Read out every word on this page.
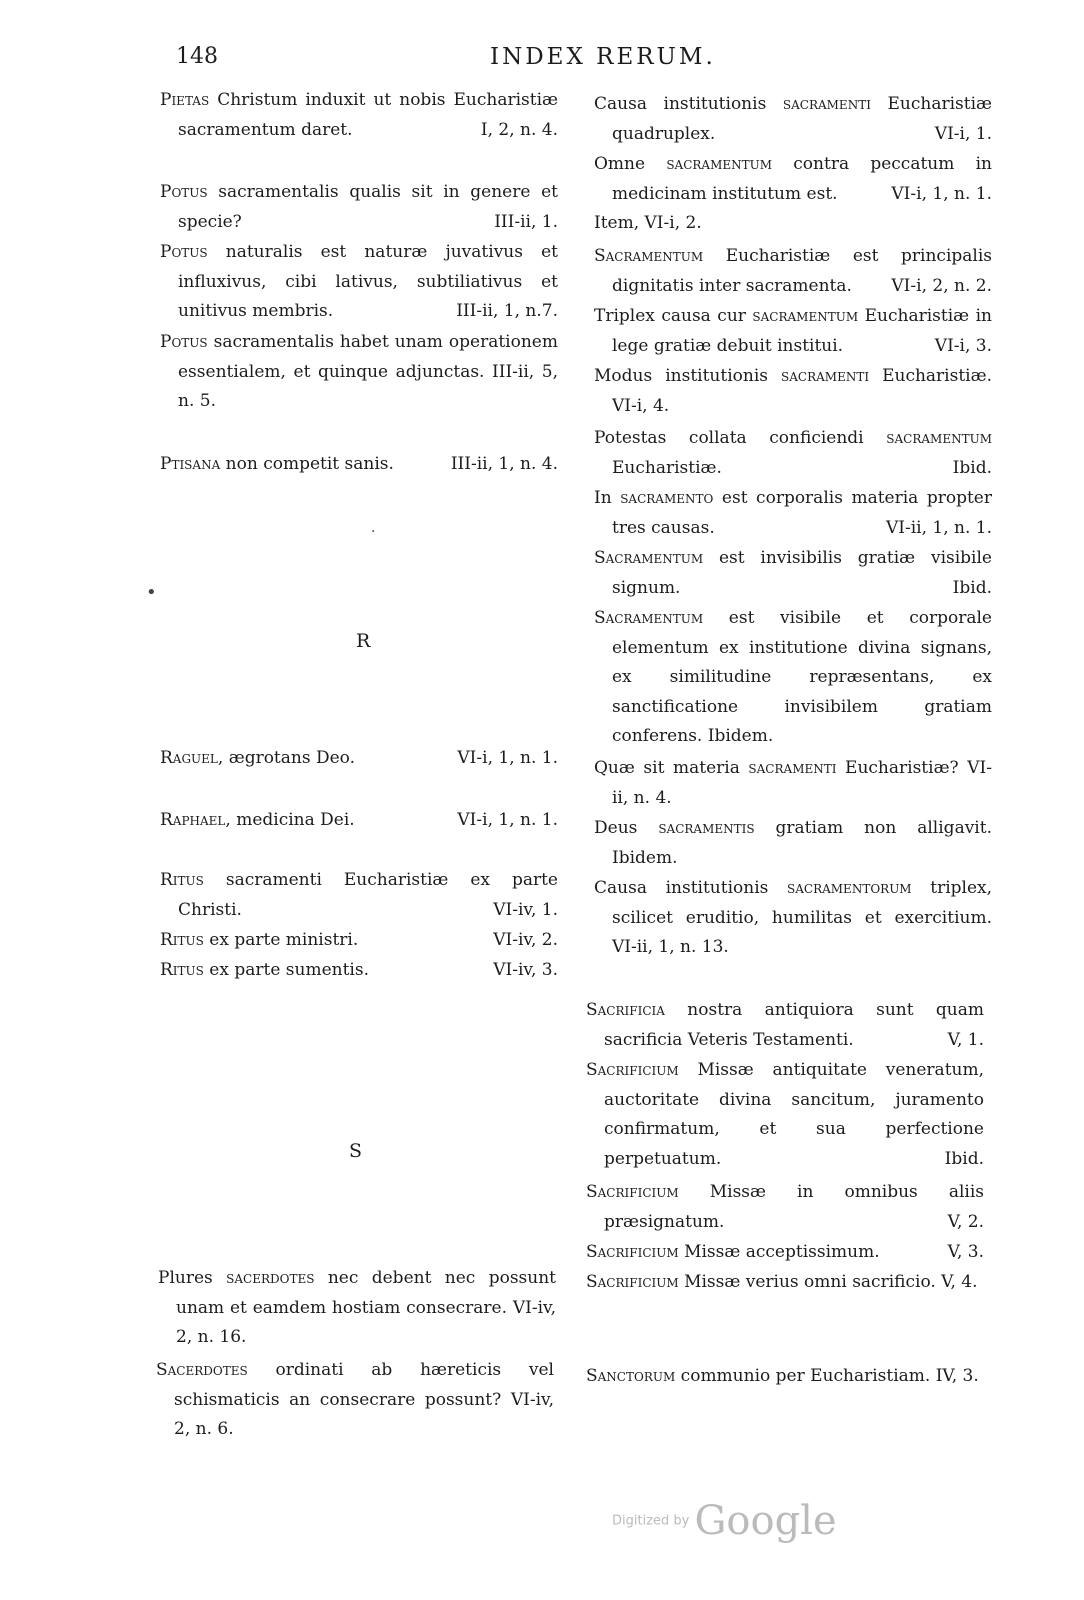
148	INDEX RERUM.
Pietas Christum induxit ut nobis Eucharistiæ sacramentum daret.	I, 2, n. 4.
Potus sacramentalis qualis sit in genere et specie?	III-ii, 1.
Potus naturalis est naturæ juvativus et influxivus, cibi lativus, subtiliativus et unitivus membris.	III-ii, 1, n.7.
Potus sacramentalis habet unam operationem essentialem, et quinque adjunctas. III-ii, 5, n. 5.
Ptisana non competit sanis.	III-ii, 1, n. 4.
·
•
R
Raguel, ægrotans Deo.	VI-i, 1, n. 1.
Raphael, medicina Dei.	VI-i, 1, n. 1.
Ritus sacramenti Eucharistiæ ex parte Christi.	VI-iv, 1.
Ritus ex parte ministri.	VI-iv, 2.
Ritus ex parte sumentis.	VI-iv, 3.
S
Plures sacerdotes nec debent nec possunt unam et eamdem hostiam consecrare. VI-iv, 2, n. 16.
Sacerdotes ordinati ab hæreticis vel schismaticis an consecrare possunt? VI-iv, 2, n. 6.
Causa institutionis sacramenti Eucharistiæ quadruplex.	VI-i, 1.
Omne sacramentum contra peccatum in medicinam institutum est.	VI-i, 1, n. 1.
Item, VI-i, 2.
Sacramentum Eucharistiæ est principalis dignitatis inter sacramenta. VI-i, 2, n. 2.
Triplex causa cur sacramentum Eucharistiæ in lege gratiæ debuit institui.	VI-i, 3.
Modus institutionis sacramenti Eucharistiæ. VI-i, 4.
Potestas collata conficiendi sacramentum Eucharistiæ.	Ibid.
In sacramento est corporalis materia propter tres causas.	VI-ii, 1, n. 1.
Sacramentum est invisibilis gratiæ visibile signum.	Ibid.
Sacramentum est visibile et corporale elementum ex institutione divina signans, ex similitudine repræsentans, ex sanctificatione invisibilem gratiam conferens. Ibidem.
Quæ sit materia sacramenti Eucharistiæ? VI-ii, n. 4.
Deus sacramentis gratiam non alligavit. Ibidem.
Causa institutionis sacramentorum triplex, scilicet eruditio, humilitas et exercitium. VI-ii, 1, n. 13.
Sacrificia nostra antiquiora sunt quam sacrificia Veteris Testamenti.	V, 1.
Sacrificium Missæ antiquitate veneratum, auctoritate divina sancitum, juramento confirmatum, et sua perfectione perpetuatum.	Ibid.
Sacrificium Missæ in omnibus aliis præsignatum.	V, 2.
Sacrificium Missæ acceptissimum.	V, 3.
Sacrificium Missæ verius omni sacrificio. V, 4.
Sanctorum communio per Eucharistiam. IV, 3.
Digitized by Google
